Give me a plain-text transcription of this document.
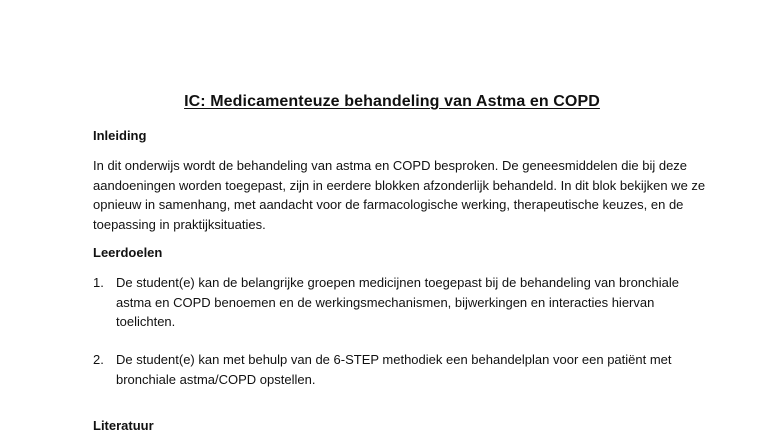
IC: Medicamenteuze behandeling van Astma en COPD
Inleiding
In dit onderwijs wordt de behandeling van astma en COPD besproken. De geneesmiddelen die bij deze aandoeningen worden toegepast, zijn in eerdere blokken afzonderlijk behandeld. In dit blok bekijken we ze opnieuw in samenhang, met aandacht voor de farmacologische werking, therapeutische keuzes, en de toepassing in praktijksituaties.
Leerdoelen
1. De student(e) kan de belangrijke groepen medicijnen toegepast bij de behandeling van bronchiale astma en COPD benoemen en de werkingsmechanismen, bijwerkingen en interacties hiervan toelichten.
2. De student(e) kan met behulp van de 6-STEP methodiek een behandelplan voor een patiënt met bronchiale astma/COPD opstellen.
Literatuur
